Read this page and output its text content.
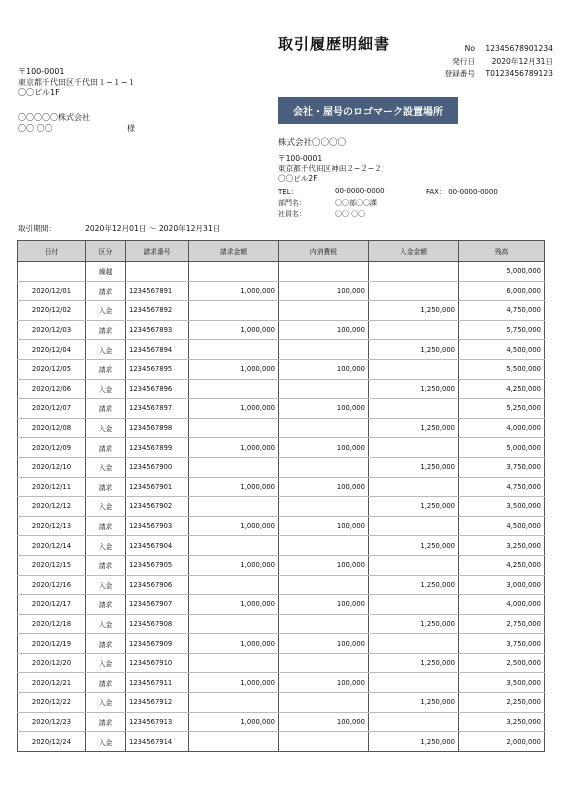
取引履歴明細書	No	12345678901234
発行日	2020年12月31日
登録番号	T0123456789123
〒100-0001
東京都千代田区千代田１−１−１
〇〇ビル1F
〇〇〇〇〇株式会社
〇〇 〇〇	様
会社・屋号のロゴマーク設置場所
株式会社〇〇〇〇
〒100-0001
東京都千代田区神田２−２−２
〇〇ビル2F
TEL：	00-0000-0000	FAX： 00-0000-0000
部門名：
社員名：
〇〇部〇〇課
〇〇 〇〇
取引期間：	2020年12月01日 〜 2020年12月31日
日付	区分	請求番号	請求金額	内消費税	入金金額	残高
	繰越					5,000,000
2020/12/01	請求	1234567891	1,000,000	100,000		6,000,000
2020/12/02	入金	1234567892			1,250,000	4,750,000
2020/12/03	請求	1234567893	1,000,000	100,000		5,750,000
2020/12/04	入金	1234567894			1,250,000	4,500,000
2020/12/05	請求	1234567895	1,000,000	100,000		5,500,000
2020/12/06	入金	1234567896			1,250,000	4,250,000
2020/12/07	請求	1234567897	1,000,000	100,000		5,250,000
2020/12/08	入金	1234567898			1,250,000	4,000,000
2020/12/09	請求	1234567899	1,000,000	100,000		5,000,000
2020/12/10	入金	1234567900			1,250,000	3,750,000
2020/12/11	請求	1234567901	1,000,000	100,000		4,750,000
2020/12/12	入金	1234567902			1,250,000	3,500,000
2020/12/13	請求	1234567903	1,000,000	100,000		4,500,000
2020/12/14	入金	1234567904			1,250,000	3,250,000
2020/12/15	請求	1234567905	1,000,000	100,000		4,250,000
2020/12/16	入金	1234567906			1,250,000	3,000,000
2020/12/17	請求	1234567907	1,000,000	100,000		4,000,000
2020/12/18	入金	1234567908			1,250,000	2,750,000
2020/12/19	請求	1234567909	1,000,000	100,000		3,750,000
2020/12/20	入金	1234567910			1,250,000	2,500,000
2020/12/21	請求	1234567911	1,000,000	100,000		3,500,000
2020/12/22	入金	1234567912			1,250,000	2,250,000
2020/12/23	請求	1234567913	1,000,000	100,000		3,250,000
2020/12/24	入金	1234567914			1,250,000	2,000,000
